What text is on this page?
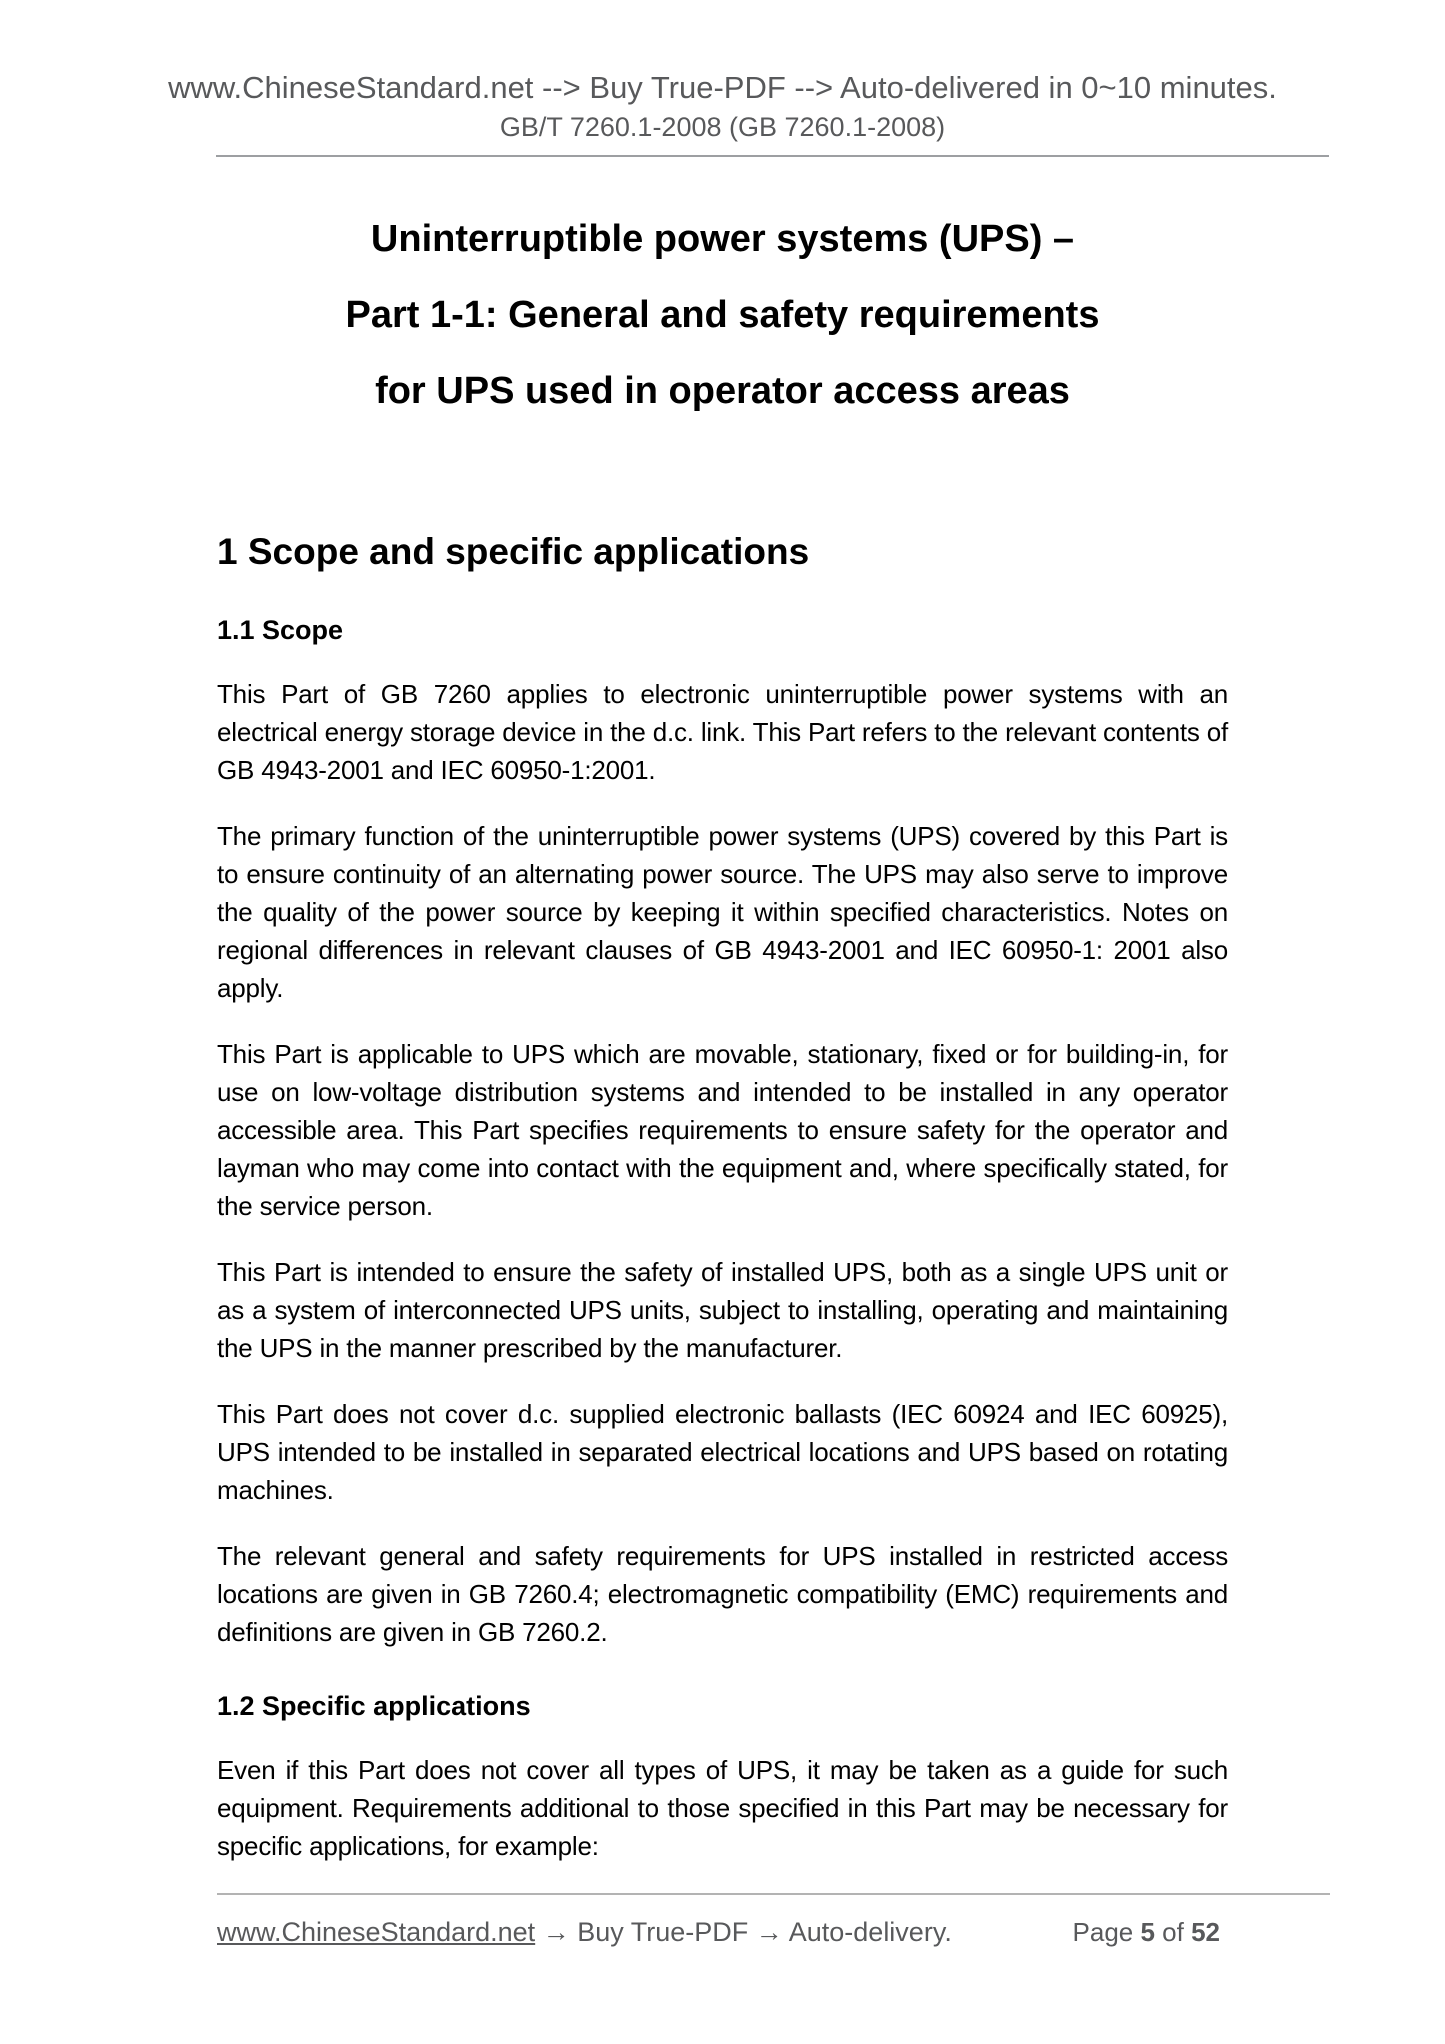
www.ChineseStandard.net --> Buy True-PDF --> Auto-delivered in 0~10 minutes.
GB/T 7260.1-2008 (GB 7260.1-2008)
Uninterruptible power systems (UPS) –
Part 1-1: General and safety requirements
for UPS used in operator access areas
1 Scope and specific applications
1.1 Scope

This Part of GB 7260 applies to electronic uninterruptible power systems with an electrical energy storage device in the d.c. link. This Part refers to the relevant contents of GB 4943-2001 and IEC 60950-1:2001.

The primary function of the uninterruptible power systems (UPS) covered by this Part is to ensure continuity of an alternating power source. The UPS may also serve to improve the quality of the power source by keeping it within specified characteristics. Notes on regional differences in relevant clauses of GB 4943-2001 and IEC 60950-1: 2001 also apply.

This Part is applicable to UPS which are movable, stationary, fixed or for building-in, for use on low-voltage distribution systems and intended to be installed in any operator accessible area. This Part specifies requirements to ensure safety for the operator and layman who may come into contact with the equipment and, where specifically stated, for the service person.

This Part is intended to ensure the safety of installed UPS, both as a single UPS unit or as a system of interconnected UPS units, subject to installing, operating and maintaining the UPS in the manner prescribed by the manufacturer.

This Part does not cover d.c. supplied electronic ballasts (IEC 60924 and IEC 60925), UPS intended to be installed in separated electrical locations and UPS based on rotating machines.

The relevant general and safety requirements for UPS installed in restricted access locations are given in GB 7260.4; electromagnetic compatibility (EMC) requirements and definitions are given in GB 7260.2.

1.2 Specific applications

Even if this Part does not cover all types of UPS, it may be taken as a guide for such equipment. Requirements additional to those specified in this Part may be necessary for specific applications, for example:

www.ChineseStandard.net → Buy True-PDF → Auto-delivery.	Page 5 of 52
